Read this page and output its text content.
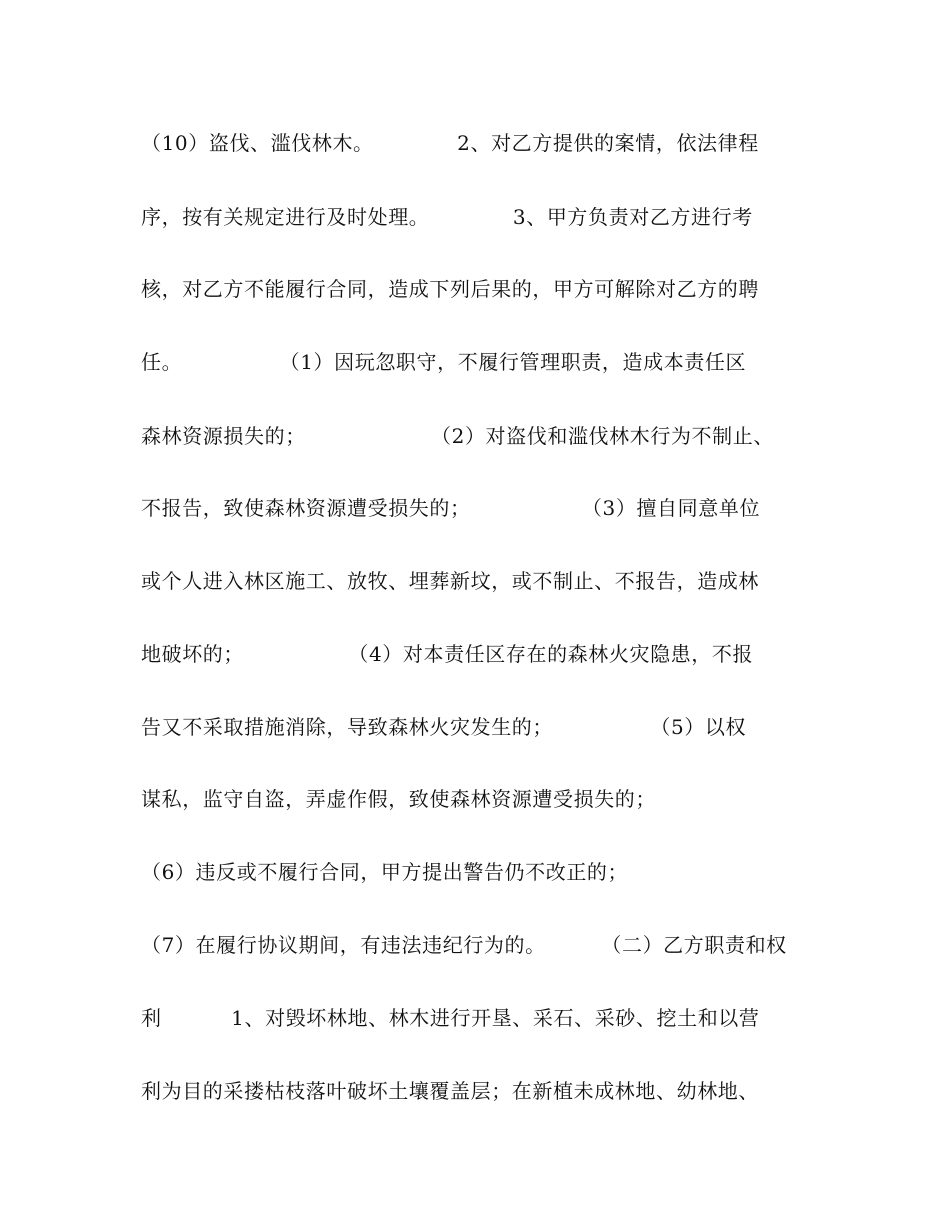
（10）盗伐、滥伐林木。            2、对乙方提供的案情，依法律程
序，按有关规定进行及时处理。            3、甲方负责对乙方进行考
核，对乙方不能履行合同，造成下列后果的，甲方可解除对乙方的聘
任。              （1）因玩忽职守，不履行管理职责，造成本责任区
森林资源损失的；                  （2）对盗伐和滥伐林木行为不制止、
不报告，致使森林资源遭受损失的；                （3）擅自同意单位
或个人进入林区施工、放牧、埋葬新坟，或不制止、不报告，造成林
地破坏的；               （4）对本责任区存在的森林火灾隐患，不报
告又不采取措施消除，导致森林火灾发生的；              （5）以权
谋私，监守自盗，弄虚作假，致使森林资源遭受损失的；
（6）违反或不履行合同，甲方提出警告仍不改正的；
（7）在履行协议期间，有违法违纪行为的。        （二）乙方职责和权
利          1、对毁坏林地、林木进行开垦、采石、采砂、挖土和以营
利为目的采搂枯枝落叶破坏土壤覆盖层；在新植未成林地、幼林地、
